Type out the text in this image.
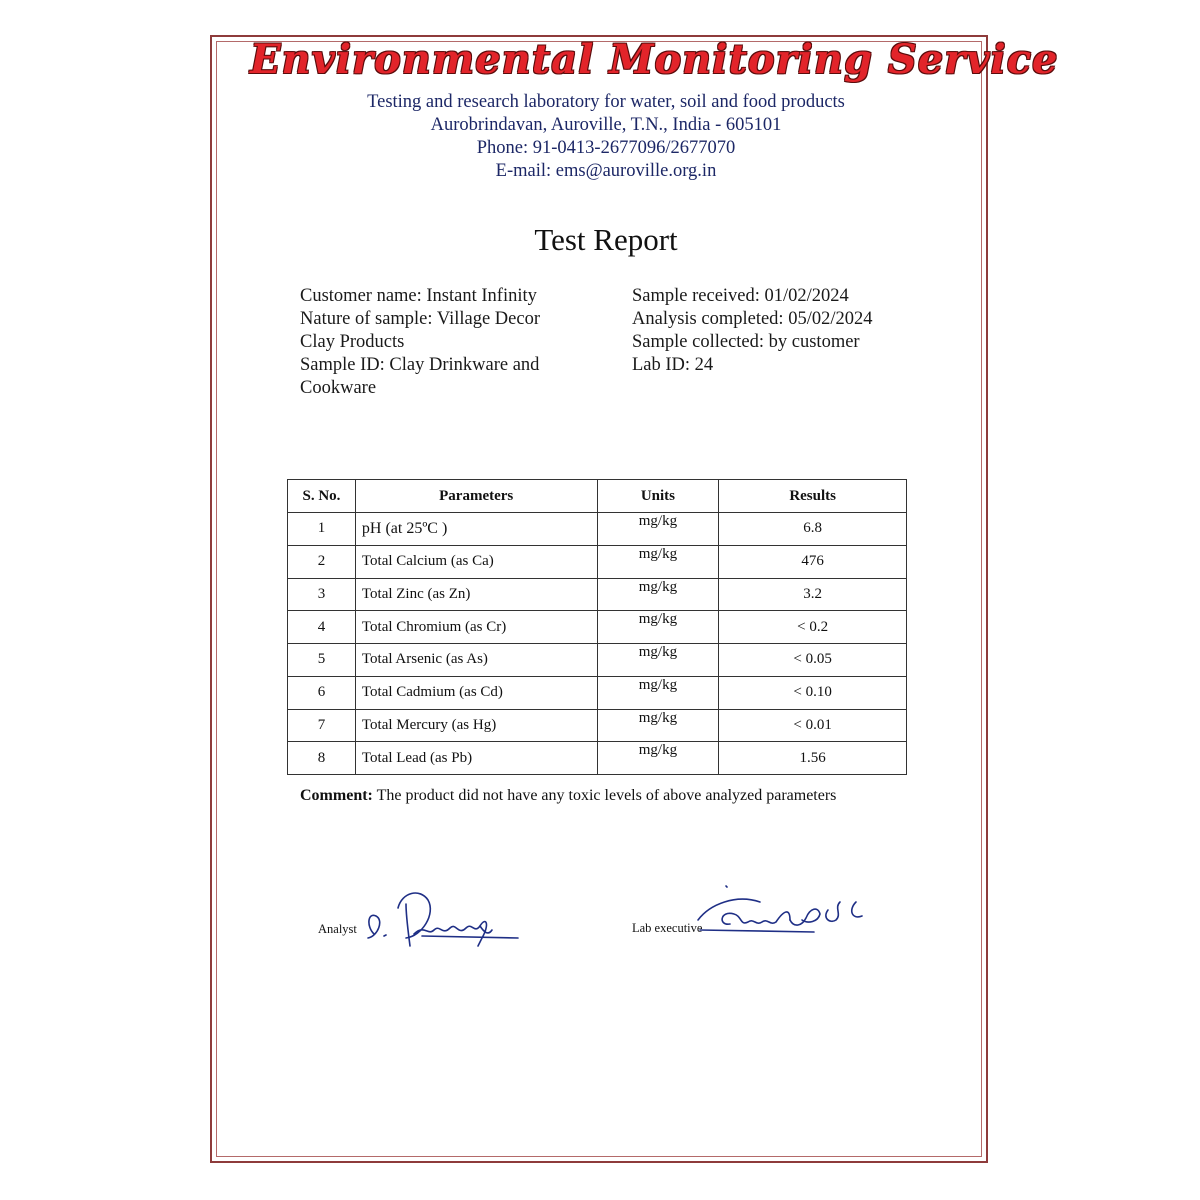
Environmental Monitoring Service
Testing and research laboratory for water, soil and food products
Aurobrindavan, Auroville, T.N., India - 605101
Phone: 91-0413-2677096/2677070
E-mail: ems@auroville.org.in
Test Report
Customer name: Instant Infinity
Nature of sample: Village Decor
Clay Products
Sample ID: Clay Drinkware and
Cookware
Sample received: 01/02/2024
Analysis completed: 05/02/2024
Sample collected: by customer
Lab ID: 24
S. No.	Parameters	Units	Results
1	pH (at 25ºC )	mg/kg	6.8
2	Total Calcium (as Ca)	mg/kg	476
3	Total Zinc (as Zn)	mg/kg	3.2
4	Total Chromium (as Cr)	mg/kg	< 0.2
5	Total Arsenic (as As)	mg/kg	< 0.05
6	Total Cadmium (as Cd)	mg/kg	< 0.10
7	Total Mercury (as Hg)	mg/kg	< 0.01
8	Total Lead (as Pb)	mg/kg	1.56
Comment: The product did not have any toxic levels of above analyzed parameters
Analyst	Lab executive
